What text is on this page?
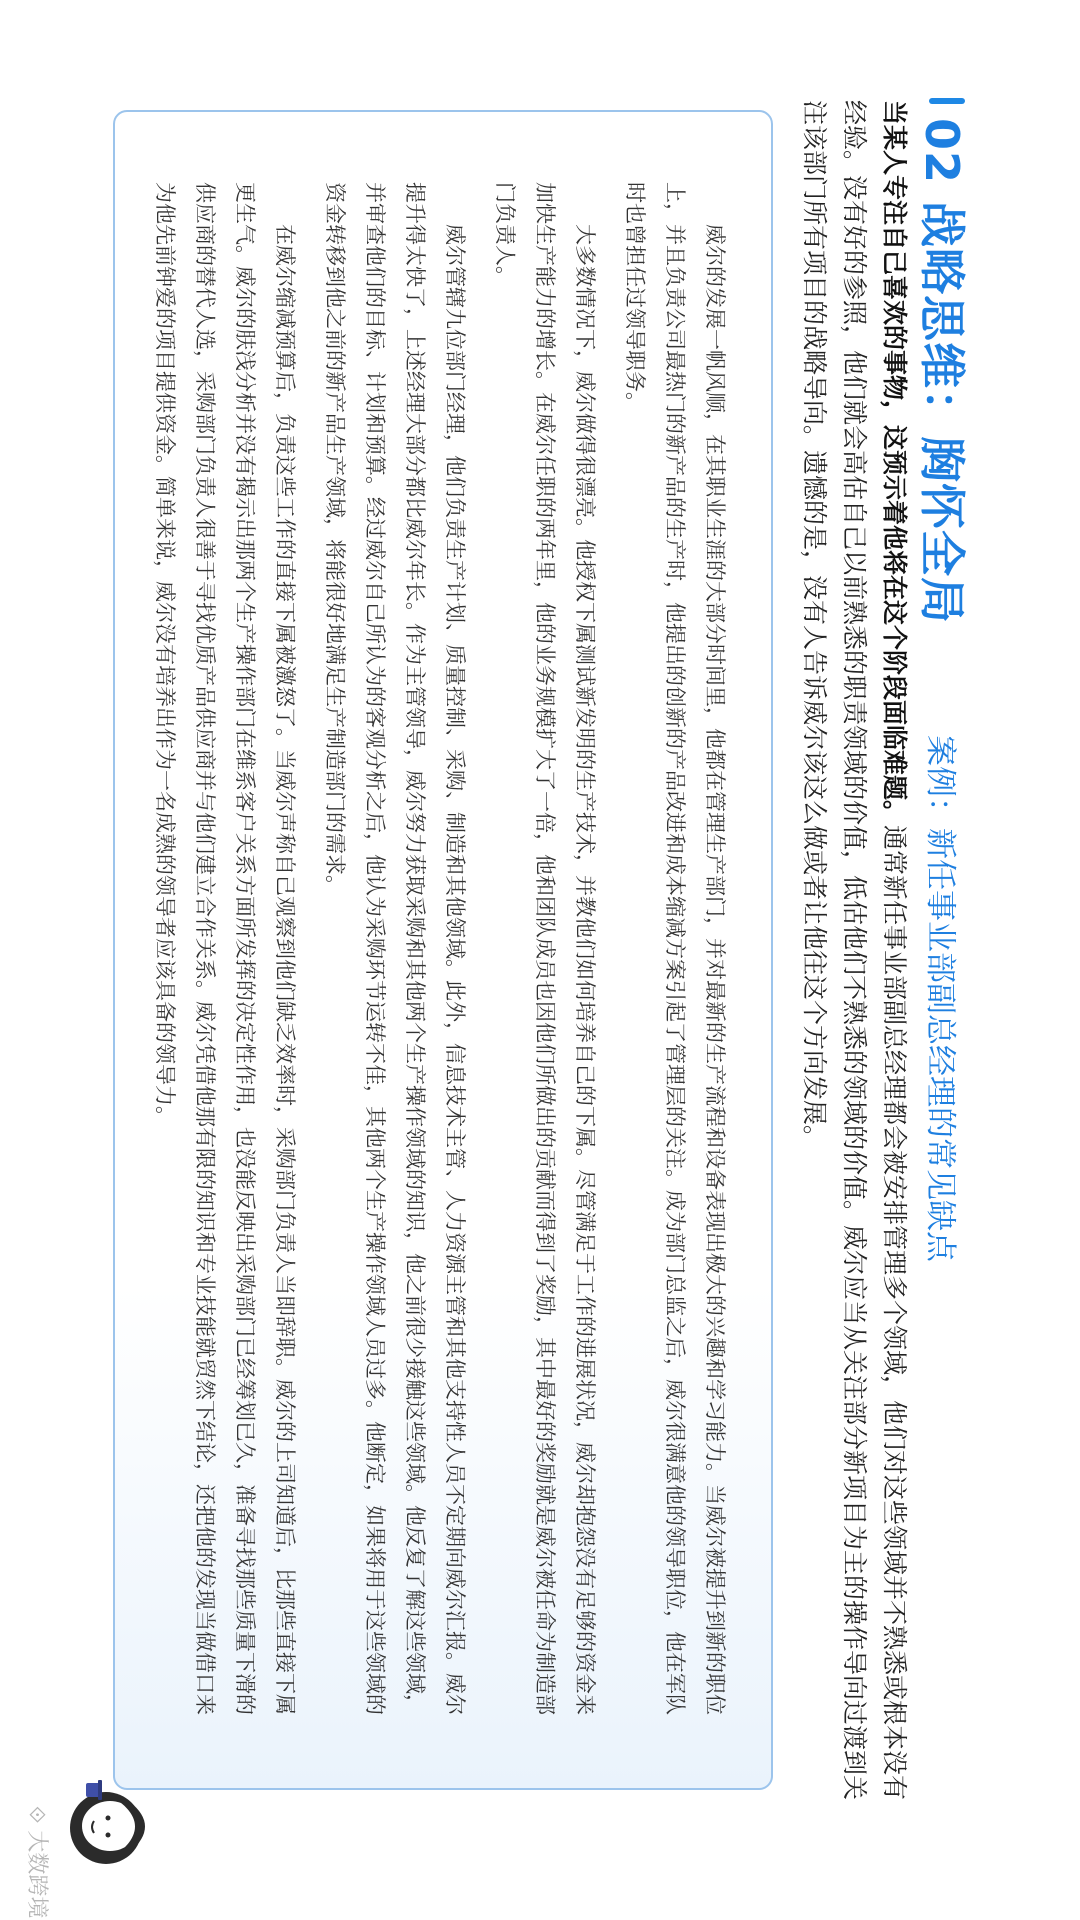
02 战略思维：胸怀全局
案例：新任事业部副总经理的常见缺点
当某人专注自己喜欢的事物，这预示着他将在这个阶段面临难题。通常新任事业部副总经理都会被安排管理多个领域，他们对这些领域并不熟悉或根本没有经验。没有好的参照，他们就会高估自己以前熟悉的职责领域的价值，低估他们不熟悉的领域的价值。威尔应当从关注部分新项目为主的操作导向过渡到关注该部门所有项目的战略导向。遗憾的是，没有人告诉威尔该这么做或者让他往这个方向发展。

威尔的发展一帆风顺，在其职业生涯的大部分时间里，他都在管理生产部门，并对最新的生产流程和设备表现出极大的兴趣和学习能力。当威尔被提升到新的职位上，并且负责公司最热门的新产品的生产时，他提出的创新的产品改进和成本缩减方案引起了管理层的关注。成为部门总监之后，威尔很满意他的领导职位，他在军队时也曾担任过领导职务。

大多数情况下，威尔做得很漂亮。他授权下属测试新发明的生产技术，并教他们如何培养自己的下属。尽管满足于工作的进展状况，威尔却抱怨没有足够的资金来加快生产能力的增长。在威尔任职的两年里，他的业务规模扩大了一倍，他和团队成员也因他们所做出的贡献而得到了奖励，其中最好的奖励就是威尔被任命为制造部门负责人。

威尔管辖九位部门经理，他们负责生产计划、质量控制、采购、制造和其他领域。此外，信息技术主管、人力资源主管和其他支持性人员不定期向威尔汇报。威尔提升得太快了，上述经理大部分都比威尔年长。作为主管领导，威尔努力获取采购和其他两个生产操作领域的知识，他之前很少接触这些领域。他反复了解这些领域，并审查他们的目标、计划和预算。经过威尔自己所认为的客观分析之后，他认为采购环节运转不佳，其他两个生产操作领域人员过多。他断定，如果将用于这些领域的资金转移到他之前的新产品生产领域，将能很好地满足生产制造部门的需求。

在威尔缩减预算后，负责这些工作的直接下属被激怒了。当威尔声称自己观察到他们缺乏效率时，采购部门负责人当即辞职。威尔的上司知道后，比那些直接下属更生气。威尔的肤浅分析并没有揭示出那两个生产操作部门在维系客户关系方面所发挥的决定性作用，也没能反映出采购部门已经筹划已久，准备寻找那些质量下滑的供应商的替代人选，采购部门负责人很善于寻找优质产品供应商并与他们建立合作关系。威尔凭借他那有限的知识和专业技能就贸然下结论，还把他的发现当做借口来为他先前钟爱的项目提供资金。简单来说，威尔没有培养出作为一名成熟的领导者应该具备的领导力。

⟐ 大数跨境
